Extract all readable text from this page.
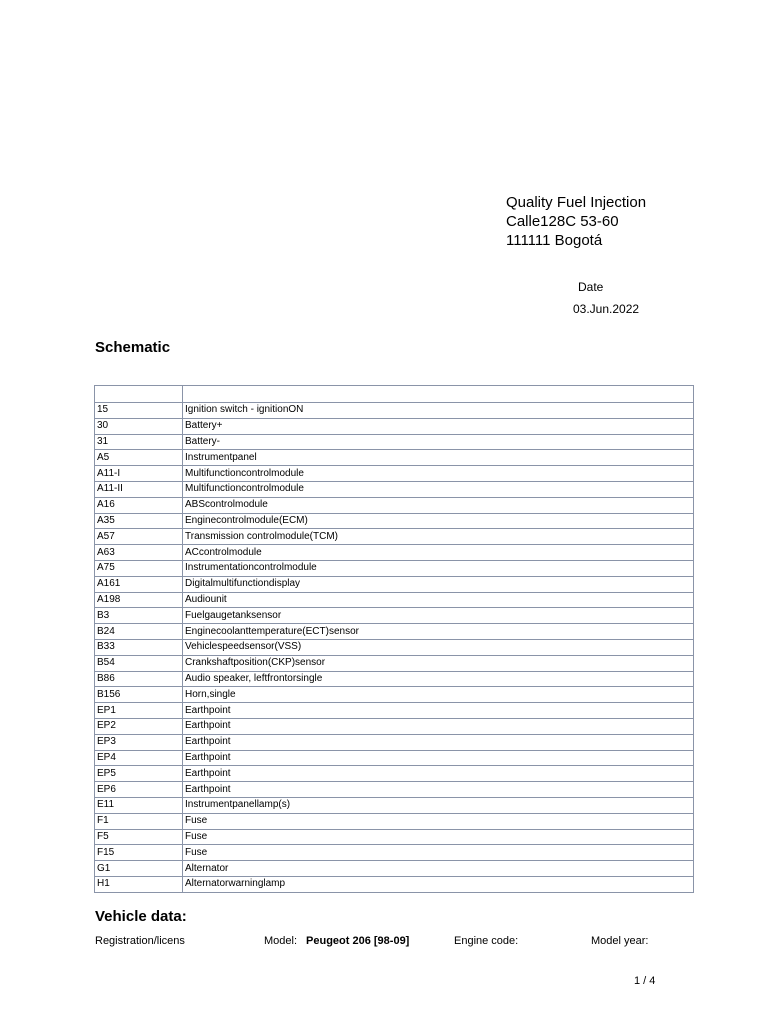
Quality Fuel Injection
Calle128C 53-60
111111 Bogotá
Date
03.Jun.2022
Schematic

15	Ignition switch - ignitionON
30	Battery+
31	Battery-
A5	Instrumentpanel
A11-I	Multifunctioncontrolmodule
A11-II	Multifunctioncontrolmodule
A16	ABScontrolmodule
A35	Enginecontrolmodule(ECM)
A57	Transmission controlmodule(TCM)
A63	ACcontrolmodule
A75	Instrumentationcontrolmodule
A161	Digitalmultifunctiondisplay
A198	Audiounit
B3	Fuelgaugetanksensor
B24	Enginecoolanttemperature(ECT)sensor
B33	Vehiclespeedsensor(VSS)
B54	Crankshaftposition(CKP)sensor
B86	Audio speaker, leftfrontorsingle
B156	Horn,single
EP1	Earthpoint
EP2	Earthpoint
EP3	Earthpoint
EP4	Earthpoint
EP5	Earthpoint
EP6	Earthpoint
E11	Instrumentpanellamp(s)
F1	Fuse
F5	Fuse
F15	Fuse
G1	Alternator
H1	Alternatorwarninglamp
Vehicle data:
Registration/licens	Model: Peugeot 206 [98-09]	Engine code:	Model year:
1 / 4
